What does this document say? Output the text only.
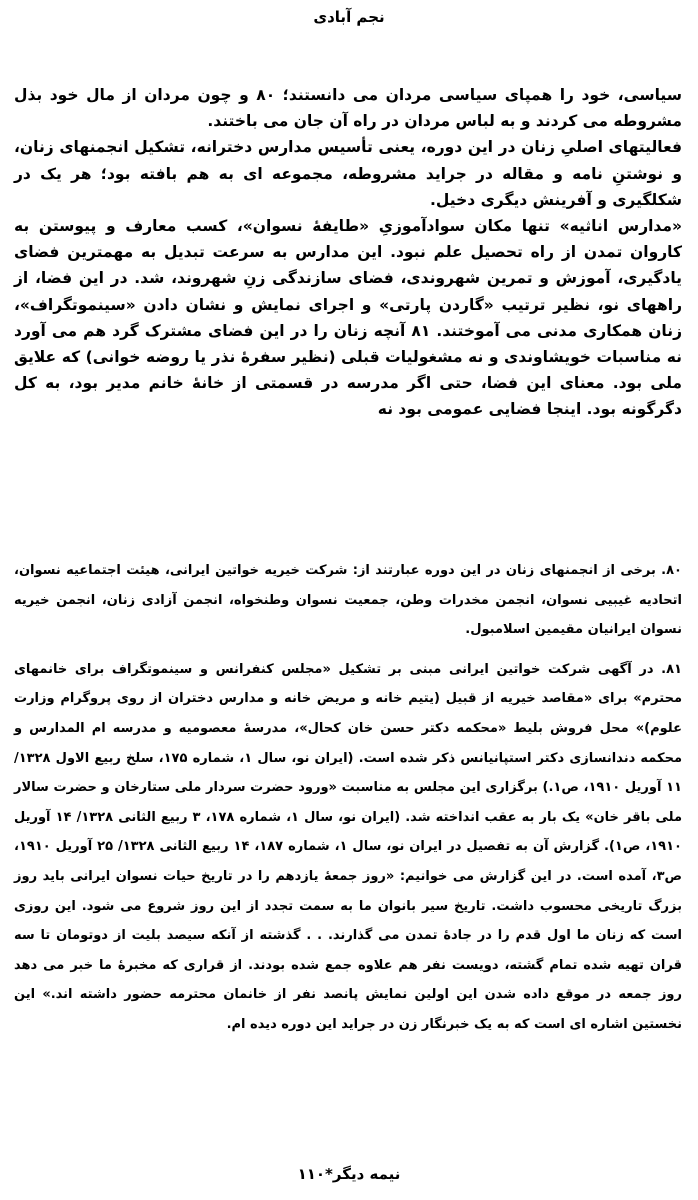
نجم آبادی

سیاسی، خود را همپای سیاسی مردان می دانستند؛ ۸۰ و چون مردان از مال خود بذل مشروطه می کردند و به لباس مردان در راه آن جان می باختند.

فعالیتهای اصلیِ زنان در این دوره، یعنی تأسیس مدارس دخترانه، تشکیل انجمنهای زنان، و نوشتنِ نامه و مقاله در جراید مشروطه، مجموعه ای به هم بافته بود؛ هر یک در شکلگیری و آفرینش دیگری دخیل.

«مدارس اناثیه» تنها مکان سوادآموزیِ «طایفهٔ نسوان»، کسب معارف و پیوستن به کاروان تمدن از راه تحصیل علم نبود. این مدارس به سرعت تبدیل به مهمترین فضای یادگیری، آموزش و تمرین شهروندی، فضای سازندگی زنِ شهروند، شد. در این فضا، از راههای نو، نظیر ترتیب «گاردن پارتی» و اجرای نمایش و نشان دادن «سینموتگراف»، زنان همکاری مدنی می آموختند. ۸۱ آنچه زنان را در این فضای مشترک گرد هم می آورد نه مناسبات خویشاوندی و نه مشغولیات قبلی (نظیر سفرهٔ نذر یا روضه خوانی) که علایق ملی بود. معنای این فضا، حتی اگر مدرسه در قسمتی از خانهٔ خانم مدیر بود، به کل دگرگونه بود. اینجا فضایی عمومی بود نه

۸۰. برخی از انجمنهای زنان در این دوره عبارتند از: شرکت خیریه خواتین ایرانی، هیئت اجتماعیه نسوان، اتحادیه غیبیی نسوان، انجمن مخدرات وطن، جمعیت نسوان وطنخواه، انجمن آزادی زنان، انجمن خیریه نسوان ایرانیان مقیمین اسلامبول.

۸۱. در آگهی شرکت خواتین ایرانی مبنی بر تشکیل «مجلس کنفرانس و سینموتگراف برای خانمهای محترم» برای «مقاصد خیریه از قبیل (یتیم خانه و مریض خانه و مدارس دختران از روی پروگرام وزارت علوم)» محل فروش بلیط «محکمه دکتر حسن خان کحال»، مدرسهٔ معصومیه و مدرسه ام المدارس و محکمه دندانسازی دکتر استپانیانس ذکر شده است. (ایران نو، سال ۱، شماره ۱۷۵، سلخ ربیع الاول ۱۳۲۸/ ۱۱ آوریل ۱۹۱۰، ص۱.) برگزاری این مجلس به مناسبت «ورود حضرت سردار ملی ستارخان و حضرت سالار ملی باقر خان» یک بار به عقب انداخته شد. (ایران نو، سال ۱، شماره ۱۷۸، ۳ ربیع الثانی ۱۳۲۸/ ۱۴ آوریل ۱۹۱۰، ص۱). گزارش آن به تفصیل در ایران نو، سال ۱، شماره ۱۸۷، ۱۴ ربیع الثانی ۱۳۲۸/ ۲۵ آوریل ۱۹۱۰، ص۳، آمده است. در این گزارش می خوانیم: «روز جمعهٔ یازدهم را در تاریخ حیات نسوان ایرانی باید روز بزرگ تاریخی محسوب داشت. تاریخ سیر بانوان ما به سمت تجدد از این روز شروع می شود. این روزی است که زنان ما اول قدم را در جادهٔ تمدن می گذارند. . . گذشته از آنکه سیصد بلیت از دوتومان تا سه قران تهیه شده تمام گشته، دویست نفر هم علاوه جمع شده بودند. از قراری که مخبرهٔ ما خبر می دهد روز جمعه در موقع داده شدن این اولین نمایش پانصد نفر از خانمان محترمه حضور داشته اند.» این نخستین اشاره ای است که به یک خبرنگار زن در جراید این دوره دیده ام.

نیمه دیگر*۱۱۰
